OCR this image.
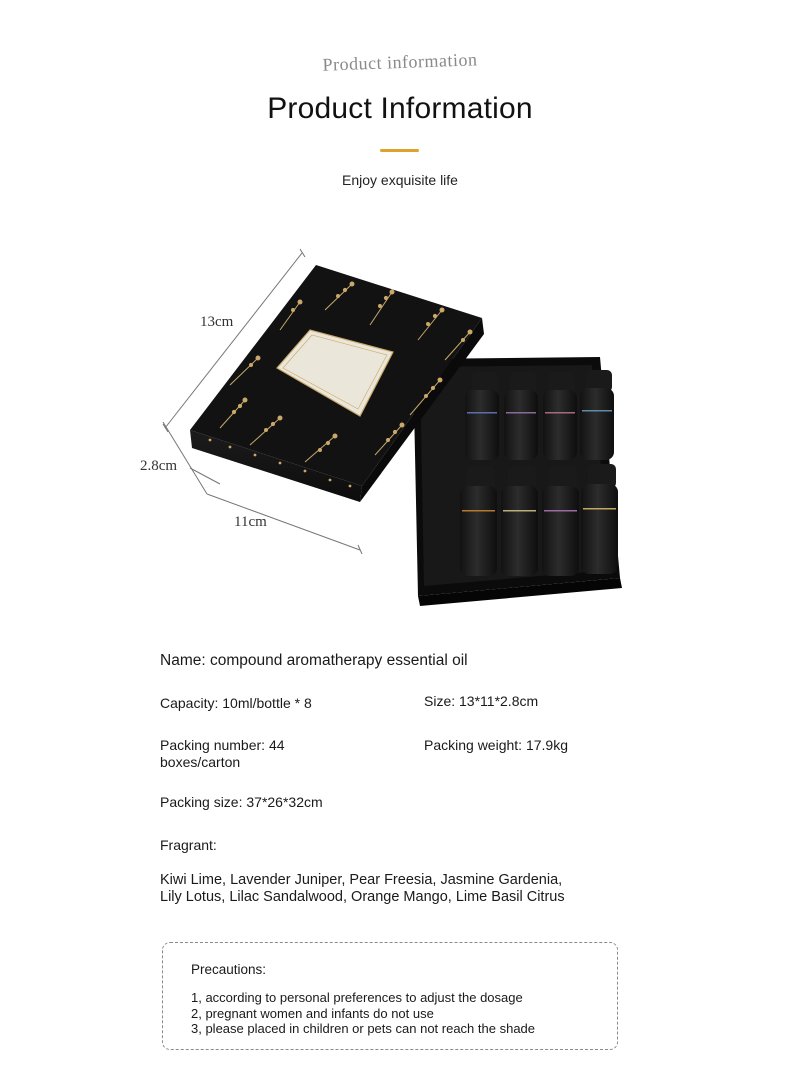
Product information
Product Information
Enjoy exquisite life
13cm
2.8cm
11cm
Name: compound aromatherapy essential oil
Capacity: 10ml/bottle * 8	Size: 13*11*2.8cm
Packing number: 44
boxes/carton
Packing weight: 17.9kg
Packing size: 37*26*32cm
Fragrant:
Kiwi Lime, Lavender Juniper, Pear Freesia, Jasmine Gardenia,
Lily Lotus, Lilac Sandalwood, Orange Mango, Lime Basil Citrus
Precautions:
1, according to personal preferences to adjust the dosage
2, pregnant women and infants do not use
3, please placed in children or pets can not reach the shade
